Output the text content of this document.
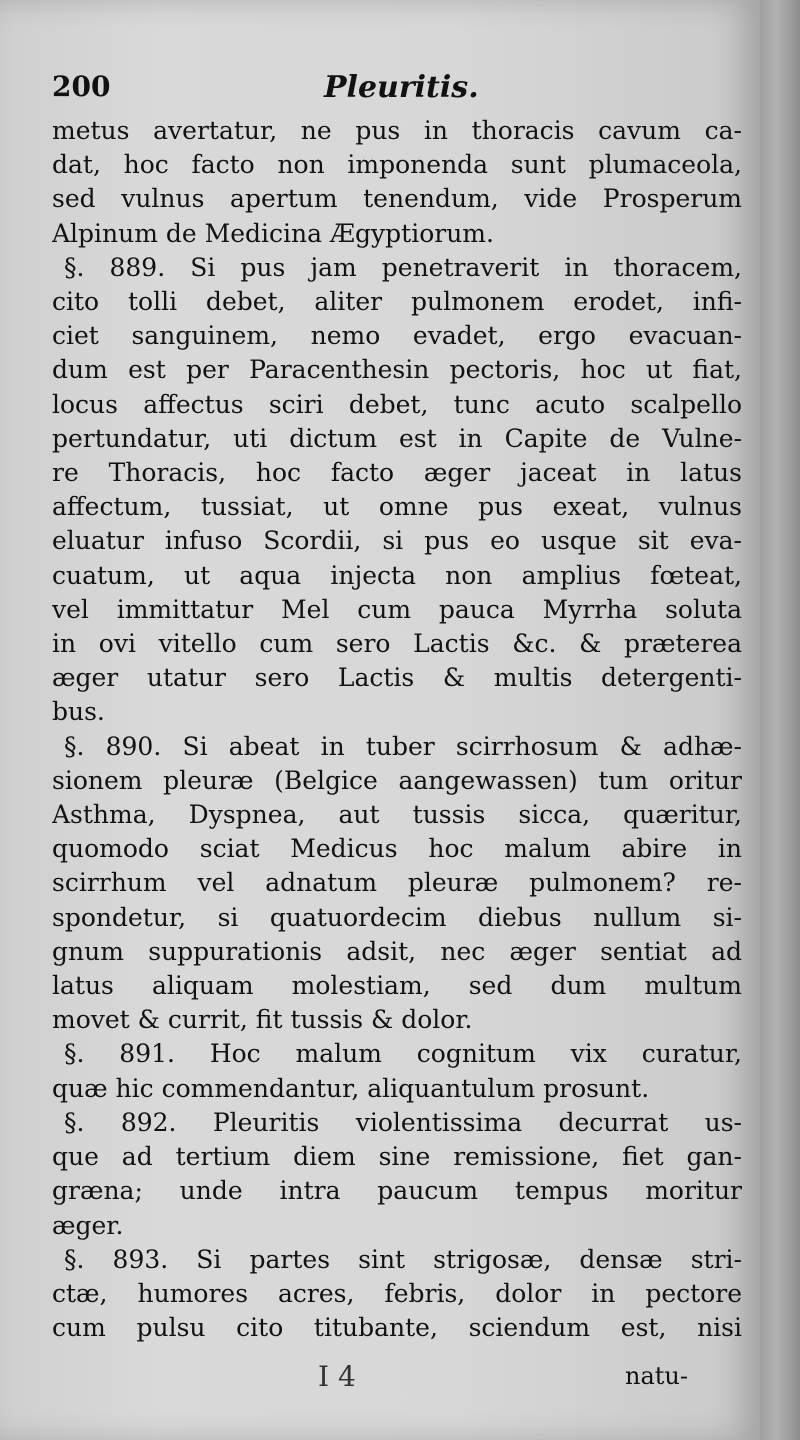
200	Pleuritis.
metus avertatur, ne pus in thoracis cavum ca-
dat, hoc facto non imponenda sunt plumaceola,
sed vulnus apertum tenendum, vide Prosperum
Alpinum de Medicina Ægyptiorum.
§. 889. Si pus jam penetraverit in thoracem,
cito tolli debet, aliter pulmonem erodet, infi-
ciet sanguinem, nemo evadet, ergo evacuan-
dum est per Paracenthesin pectoris, hoc ut fiat,
locus affectus sciri debet, tunc acuto scalpello
pertundatur, uti dictum est in Capite de Vulne-
re Thoracis, hoc facto æger jaceat in latus
affectum, tussiat, ut omne pus exeat, vulnus
eluatur infuso Scordii, si pus eo usque sit eva-
cuatum, ut aqua injecta non amplius fœteat,
vel immittatur Mel cum pauca Myrrha soluta
in ovi vitello cum sero Lactis &c. & præterea
æger utatur sero Lactis & multis detergenti-
bus.
§. 890. Si abeat in tuber scirrhosum & adhæ-
sionem pleuræ (Belgice aangewassen) tum oritur
Asthma, Dyspnea, aut tussis sicca, quæritur,
quomodo sciat Medicus hoc malum abire in
scirrhum vel adnatum pleuræ pulmonem? re-
spondetur, si quatuordecim diebus nullum si-
gnum suppurationis adsit, nec æger sentiat ad
latus aliquam molestiam, sed dum multum
movet & currit, fit tussis & dolor.
§. 891. Hoc malum cognitum vix curatur,
quæ hic commendantur, aliquantulum prosunt.
§. 892. Pleuritis violentissima decurrat us-
que ad tertium diem sine remissione, fiet gan-
græna; unde intra paucum tempus moritur
æger.
§. 893. Si partes sint strigosæ, densæ stri-
ctæ, humores acres, febris, dolor in pectore
cum pulsu cito titubante, sciendum est, nisi
I 4	natu-
